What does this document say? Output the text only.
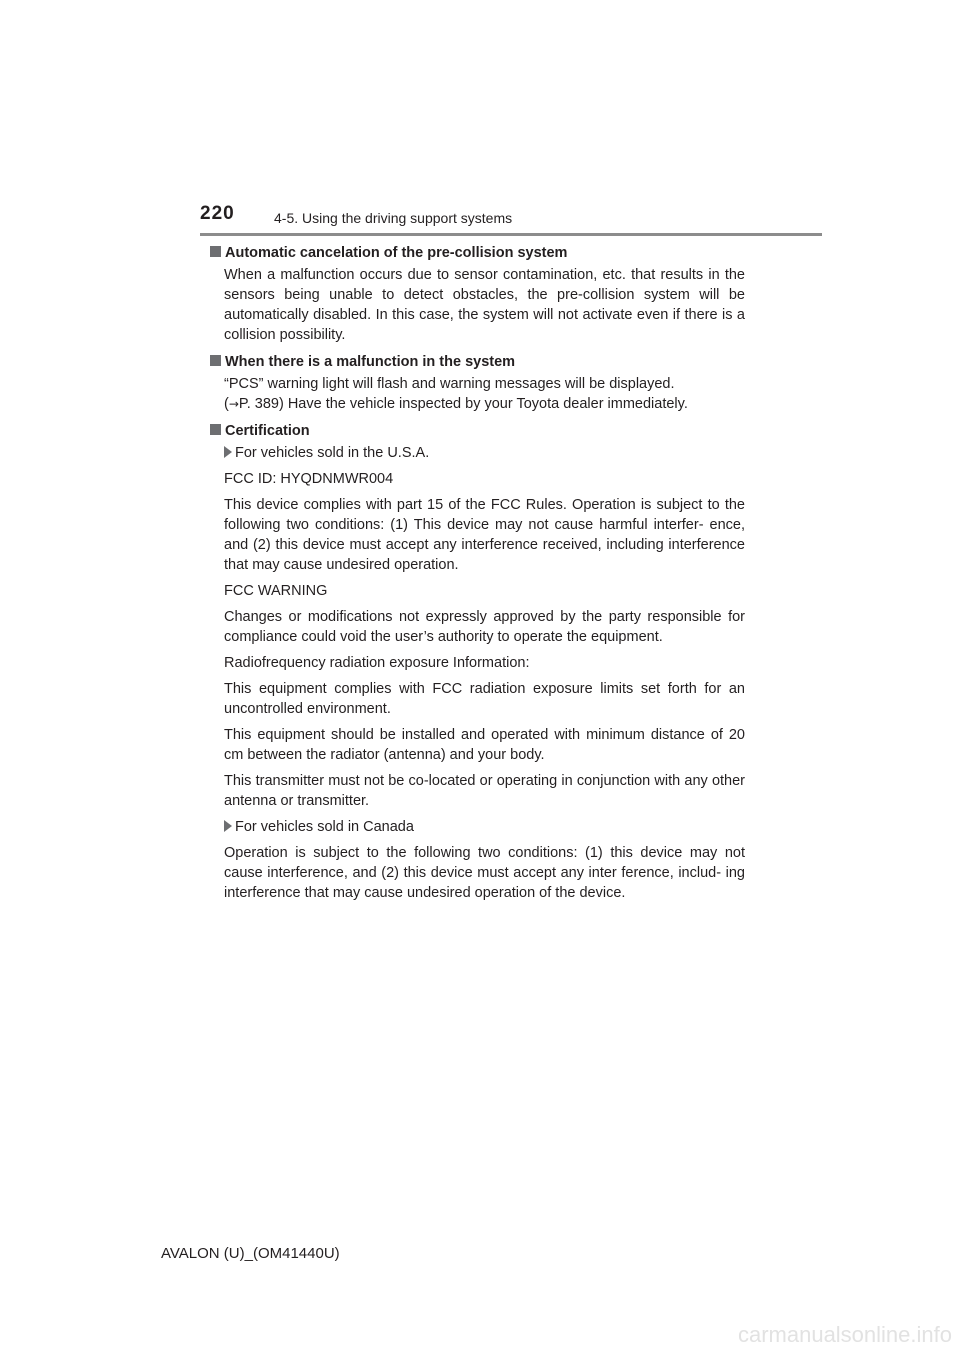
220	4-5. Using the driving support systems
Automatic cancelation of the pre-collision system

When a malfunction occurs due to sensor contamination, etc. that results in the sensors being unable to detect obstacles, the pre-collision system will be automatically disabled. In this case, the system will not activate even if there is a collision possibility.

When there is a malfunction in the system

“PCS” warning light will flash and warning messages will be displayed.
(→P. 389) Have the vehicle inspected by your Toyota dealer immediately.

Certification
For vehicles sold in the U.S.A.

FCC ID: HYQDNMWR004

This device complies with part 15 of the FCC Rules. Operation is subject to the following two conditions: (1) This device may not cause harmful interfer- ence, and (2) this device must accept any interference received, including interference that may cause undesired operation.

FCC WARNING

Changes or modifications not expressly approved by the party responsible for compliance could void the user’s authority to operate the equipment.

Radiofrequency radiation exposure Information:

This equipment complies with FCC radiation exposure limits set forth for an uncontrolled environment.

This equipment should be installed and operated with minimum distance of 20 cm between the radiator (antenna) and your body.

This transmitter must not be co-located or operating in conjunction with any other antenna or transmitter.

For vehicles sold in Canada

Operation is subject to the following two conditions: (1) this device may not cause interference, and (2) this device must accept any inter ference, includ- ing interference that may cause undesired operation of the device.

AVALON (U)_(OM41440U)
carmanualsonline.info
